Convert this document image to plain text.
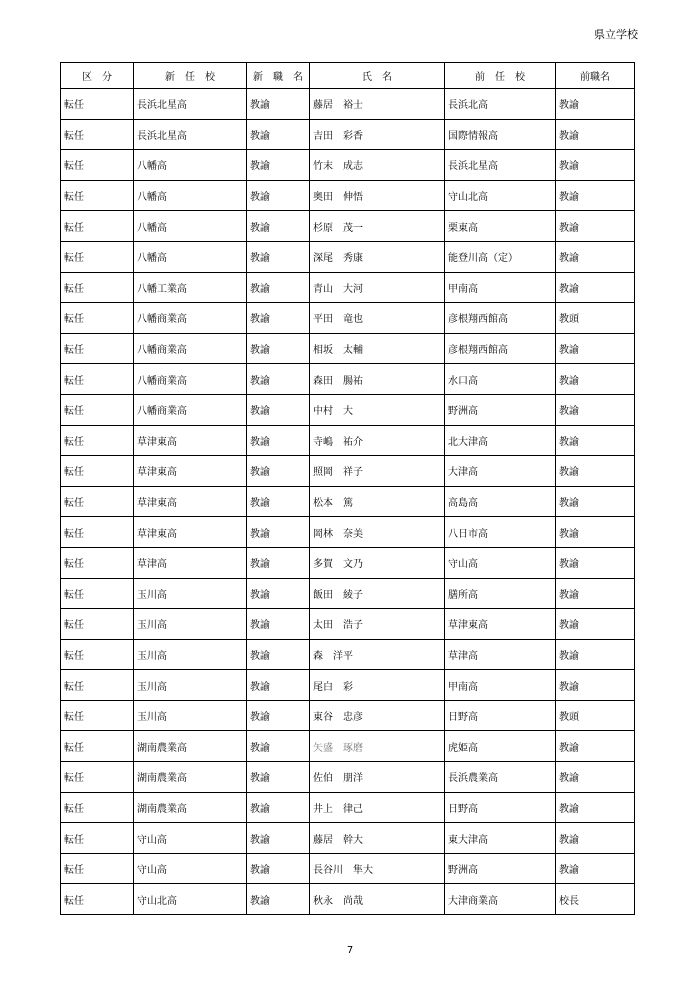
県立学校
区　分	新　任　校	新　職　名	氏　名	前　任　校	前職名
転任	長浜北星高	教諭	藤居　裕士	長浜北高	教諭
転任	長浜北星高	教諭	吉田　彩香	国際情報高	教諭
転任	八幡高	教諭	竹末　成志	長浜北星高	教諭
転任	八幡高	教諭	奥田　伸悟	守山北高	教諭
転任	八幡高	教諭	杉原　茂一	栗東高	教諭
転任	八幡高	教諭	深尾　秀康	能登川高（定）	教諭
転任	八幡工業高	教諭	青山　大河	甲南高	教諭
転任	八幡商業高	教諭	平田　竜也	彦根翔西館高	教頭
転任	八幡商業高	教諭	相坂　太輔	彦根翔西館高	教諭
転任	八幡商業高	教諭	森田　腸祐	水口高	教諭
転任	八幡商業高	教諭	中村　大	野洲高	教諭
転任	草津東高	教諭	寺嶋　祐介	北大津高	教諭
転任	草津東高	教諭	照岡　祥子	大津高	教諭
転任	草津東高	教諭	松本　篤	高島高	教諭
転任	草津東高	教諭	岡林　奈美	八日市高	教諭
転任	草津高	教諭	多賀　文乃	守山高	教諭
転任	玉川高	教諭	飯田　綾子	膳所高	教諭
転任	玉川高	教諭	太田　浩子	草津東高	教諭
転任	玉川高	教諭	森　洋平	草津高	教諭
転任	玉川高	教諭	尾白　彩	甲南高	教諭
転任	玉川高	教諭	東谷　忠彦	日野高	教頭
転任	湖南農業高	教諭	矢盛　琢磨	虎姫高	教諭
転任	湖南農業高	教諭	佐伯　朋洋	長浜農業高	教諭
転任	湖南農業高	教諭	井上　律己	日野高	教諭
転任	守山高	教諭	藤居　幹大	東大津高	教諭
転任	守山高	教諭	長谷川　隼大	野洲高	教諭
転任	守山北高	教諭	秋永　尚哉	大津商業高	校長
7
